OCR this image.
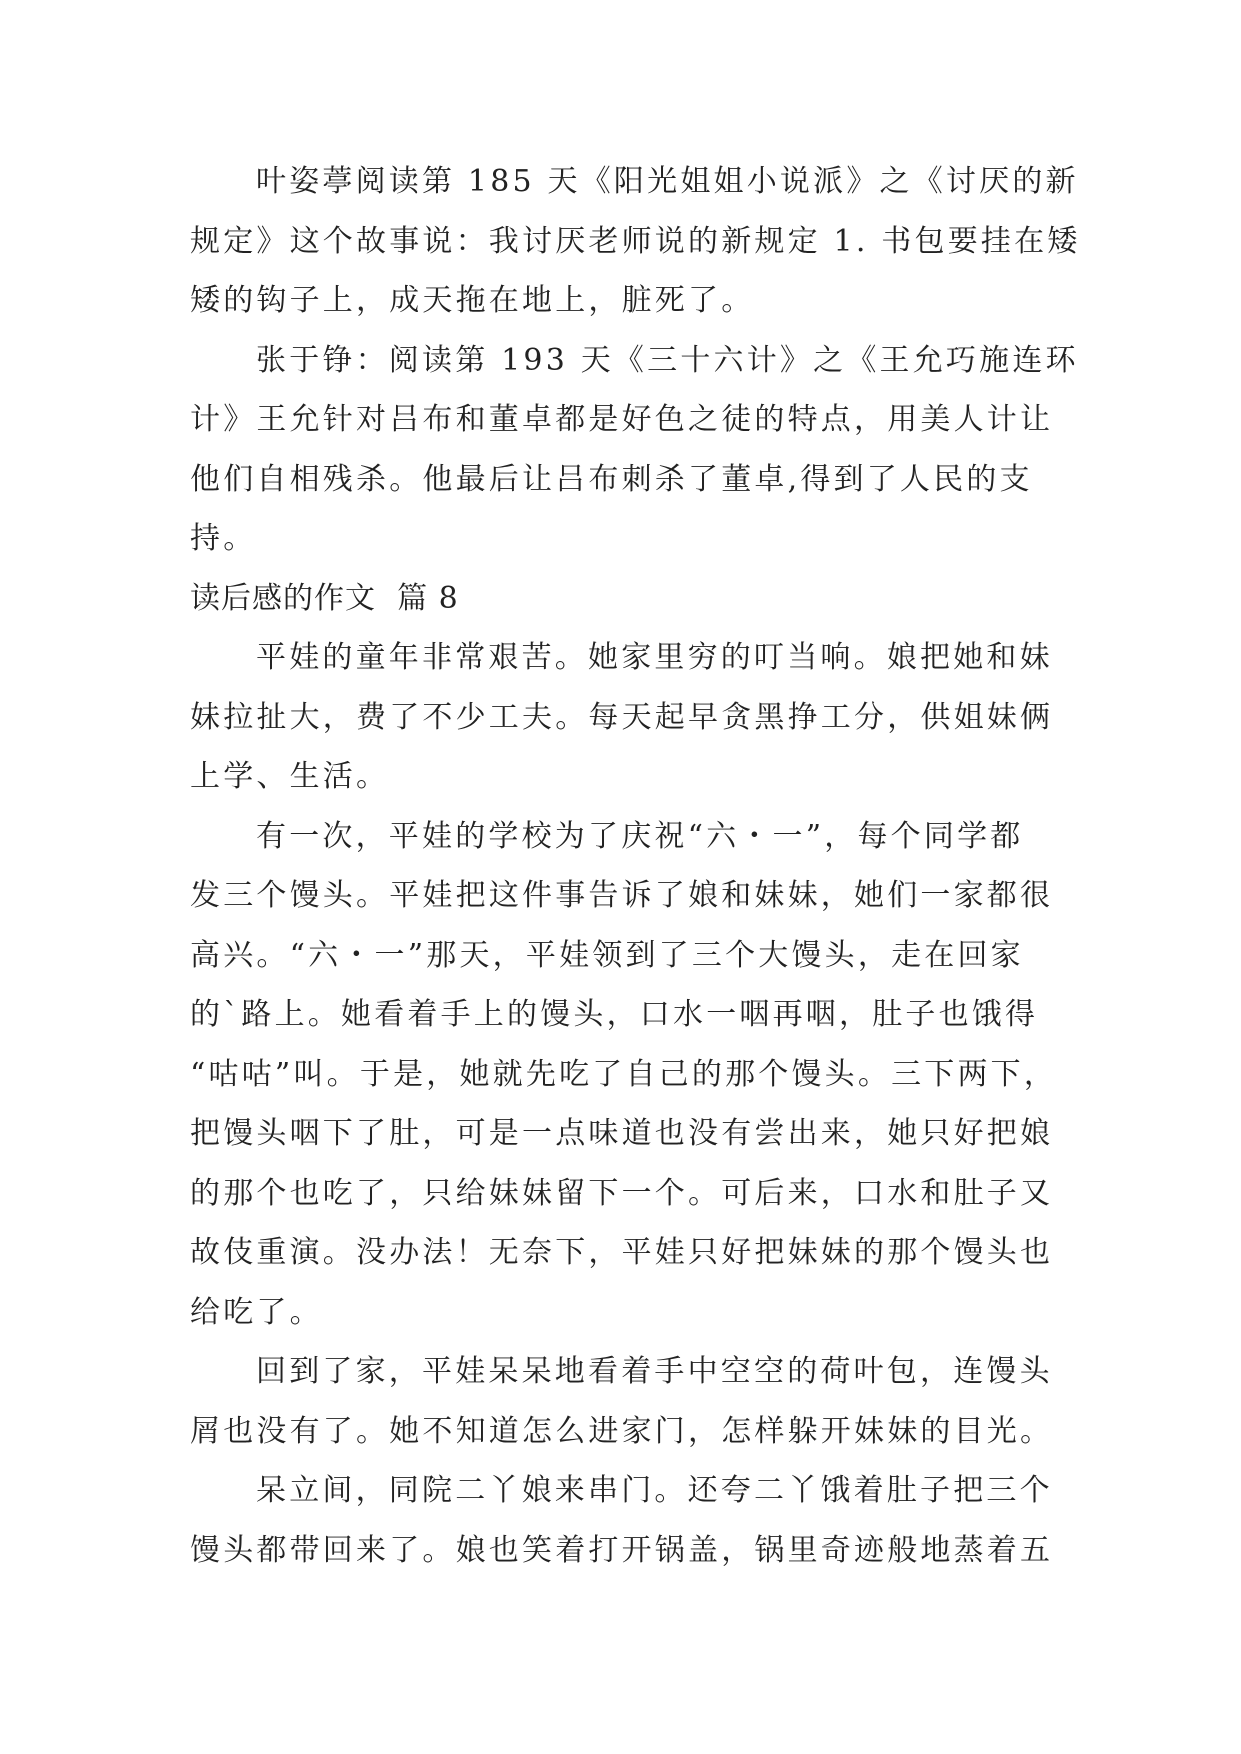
叶姿葶阅读第 185 天《阳光姐姐小说派》之《讨厌的新
规定》这个故事说：我讨厌老师说的新规定 1. 书包要挂在矮
矮的钩子上，成天拖在地上，脏死了。
张于铮：阅读第 193 天《三十六计》之《王允巧施连环
计》王允针对吕布和董卓都是好色之徒的特点，用美人计让
他们自相残杀。他最后让吕布刺杀了董卓,得到了人民的支
持。
读后感的作文  篇 8
平娃的童年非常艰苦。她家里穷的叮当响。娘把她和妹
妹拉扯大，费了不少工夫。每天起早贪黑挣工分，供姐妹俩
上学、生活。
有一次，平娃的学校为了庆祝“六・一”，每个同学都
发三个馒头。平娃把这件事告诉了娘和妹妹，她们一家都很
高兴。“六・一”那天，平娃领到了三个大馒头，走在回家
的`路上。她看着手上的馒头，口水一咽再咽，肚子也饿得
“咕咕”叫。于是，她就先吃了自己的那个馒头。三下两下，
把馒头咽下了肚，可是一点味道也没有尝出来，她只好把娘
的那个也吃了，只给妹妹留下一个。可后来，口水和肚子又
故伎重演。没办法！无奈下，平娃只好把妹妹的那个馒头也
给吃了。
回到了家，平娃呆呆地看着手中空空的荷叶包，连馒头
屑也没有了。她不知道怎么进家门，怎样躲开妹妹的目光。
呆立间，同院二丫娘来串门。还夸二丫饿着肚子把三个
馒头都带回来了。娘也笑着打开锅盖，锅里奇迹般地蒸着五
